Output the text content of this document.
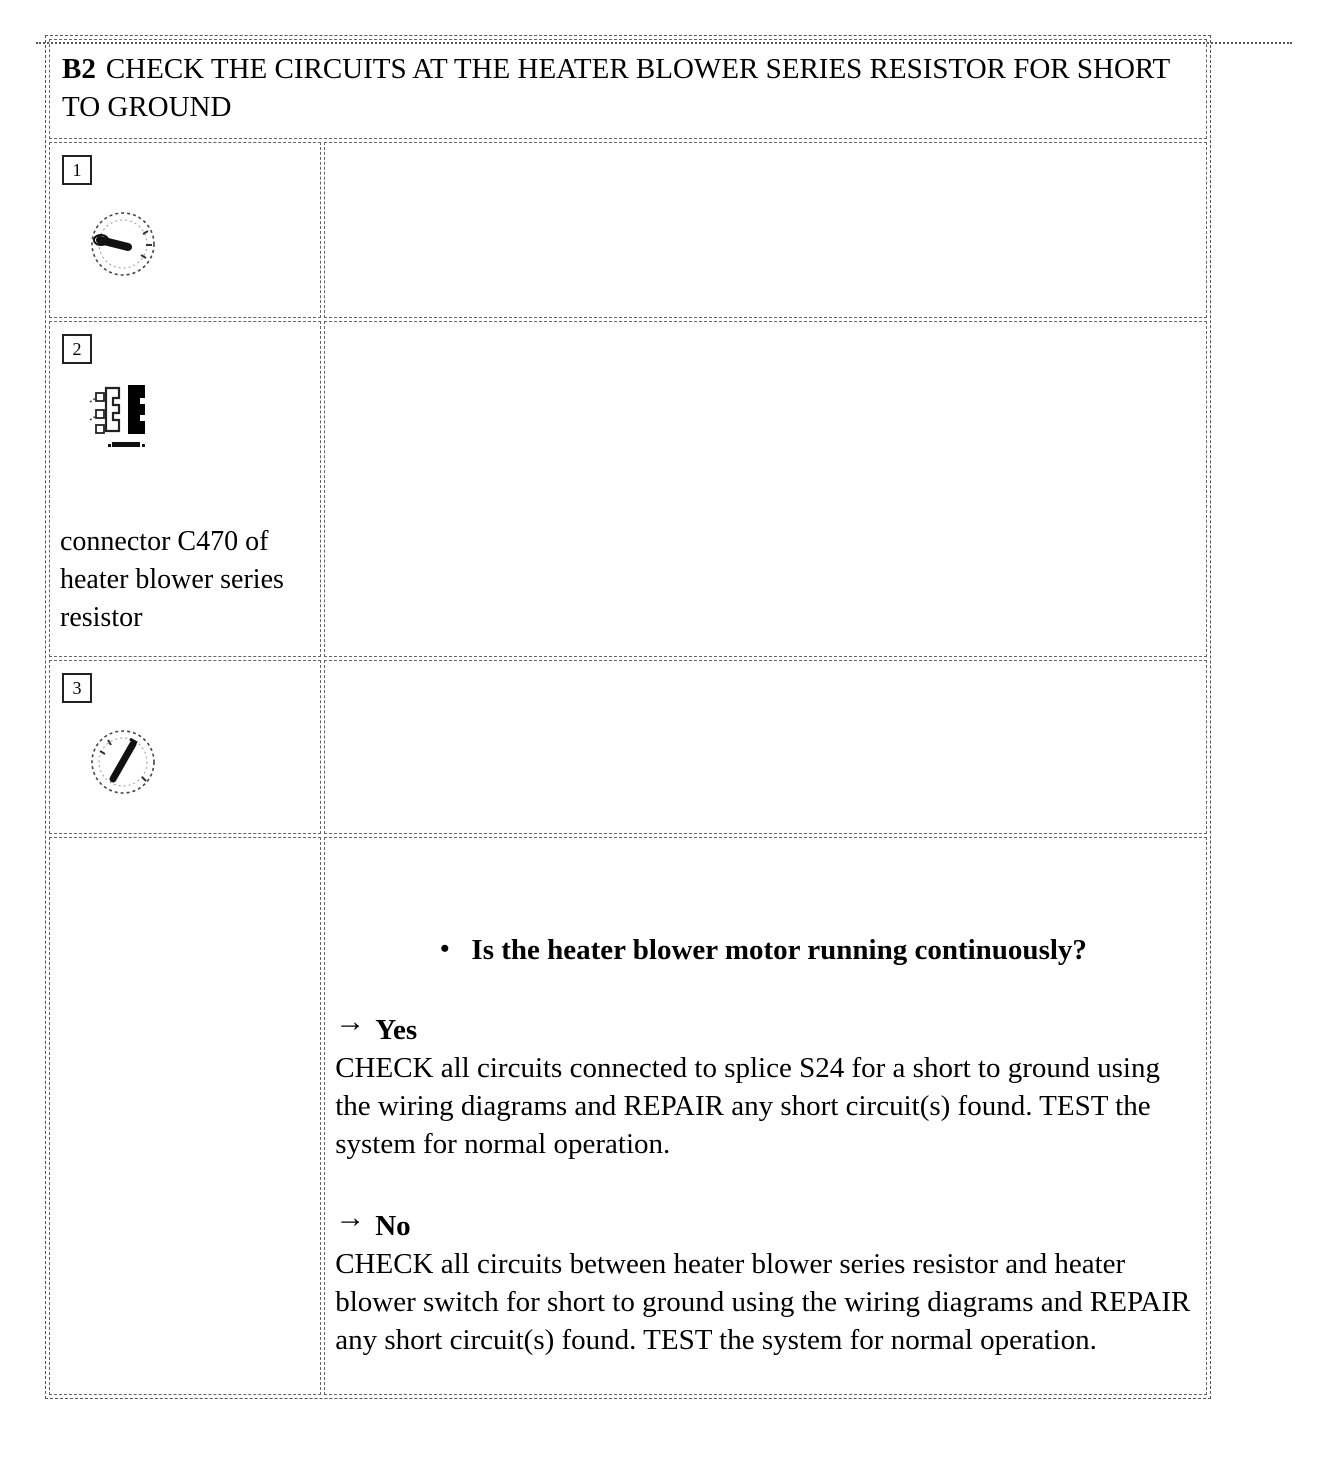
B2 CHECK THE CIRCUITS AT THE HEATER BLOWER SERIES RESISTOR FOR SHORT TO GROUND	

1	

2
connector C470 of heater blower series resistor	

3	

	• Is the heater blower motor running continuously?
→ Yes
CHECK all circuits connected to splice S24 for a short to ground using the wiring diagrams and REPAIR any short circuit(s) found. TEST the system for normal operation.
→ No
CHECK all circuits between heater blower series resistor and heater blower switch for short to ground using the wiring diagrams and REPAIR any short circuit(s) found. TEST the system for normal operation.
